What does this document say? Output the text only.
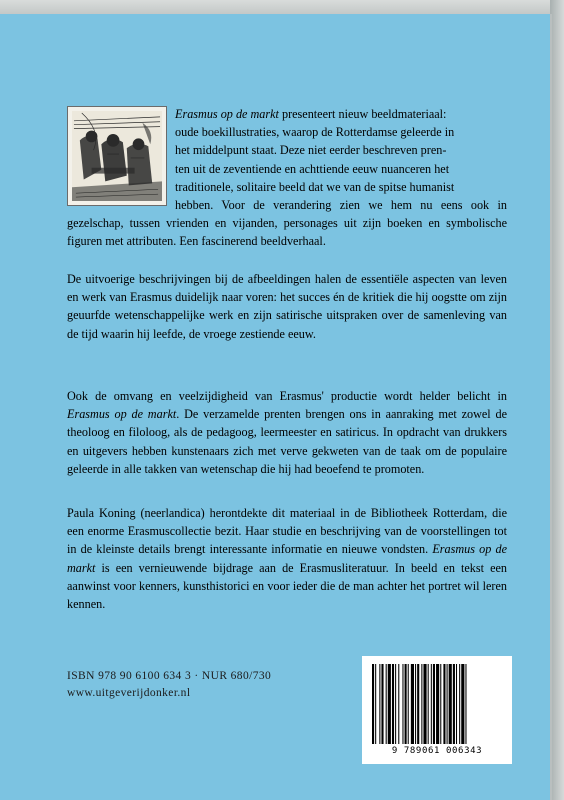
Erasmus op de markt presenteert nieuw beeldmateriaal:
oude boekillustraties, waarop de Rotterdamse geleerde in
het middelpunt staat. Deze niet eerder beschreven pren-
ten uit de zeventiende en achttiende eeuw nuanceren het
traditionele, solitaire beeld dat we van de spitse humanist
hebben. Voor de verandering zien we hem nu eens ook in gezelschap, tussen vrienden en vijanden, personages uit zijn boeken en symbolische figuren met attributen. Een fascinerend beeldverhaal.

De uitvoerige beschrijvingen bij de afbeeldingen halen de essentiële aspecten van leven en werk van Erasmus duidelijk naar voren: het succes én de kritiek die hij oogstte om zijn geuurfde wetenschappelijke werk en zijn satirische uitspraken over de samenleving van de tijd waarin hij leefde, de vroege zestiende eeuw.

Ook de omvang en veelzijdigheid van Erasmus' productie wordt helder belicht in Erasmus op de markt. De verzamelde prenten brengen ons in aanraking met zowel de theoloog en filoloog, als de pedagoog, leermeester en satiricus. In opdracht van drukkers en uitgevers hebben kunstenaars zich met verve gekweten van de taak om de populaire geleerde in alle takken van wetenschap die hij had beoefend te promoten.

Paula Koning (neerlandica) herontdekte dit materiaal in de Bibliotheek Rotterdam, die een enorme Erasmuscollectie bezit. Haar studie en beschrijving van de voorstellingen tot in de kleinste details brengt interessante informatie en nieuwe vondsten. Erasmus op de markt is een vernieuwende bijdrage aan de Erasmusliteratuur. In beeld en tekst een aanwinst voor kenners, kunsthistorici en voor ieder die de man achter het portret wil leren kennen.

ISBN 978 90 6100 634 3 · NUR 680/730
www.uitgeverijdonker.nl
9 789061 006343
